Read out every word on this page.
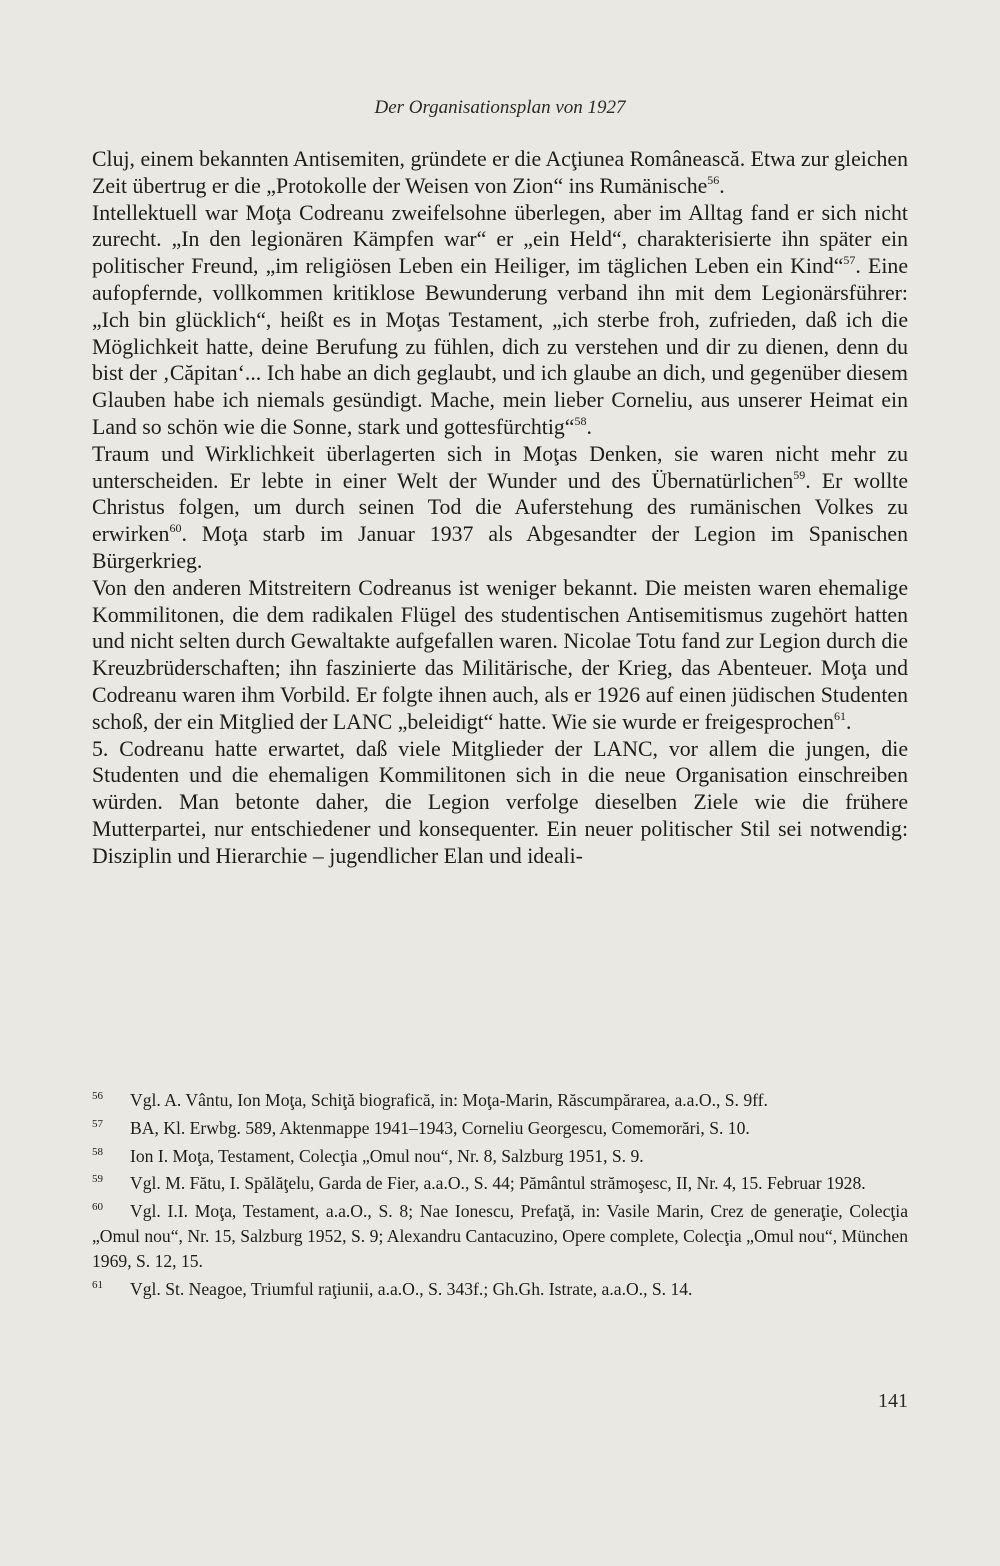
Der Organisationsplan von 1927

Cluj, einem bekannten Antisemiten, gründete er die Acţiunea Românească. Etwa zur gleichen Zeit übertrug er die „Protokolle der Weisen von Zion“ ins Rumänische$^{56}$.

Intellektuell war Moţa Codreanu zweifelsohne überlegen, aber im Alltag fand er sich nicht zurecht. „In den legionären Kämpfen war“ er „ein Held“, charakterisierte ihn später ein politischer Freund, „im religiösen Leben ein Heiliger, im täglichen Leben ein Kind“$^{57}$. Eine aufopfernde, vollkommen kritiklose Bewunderung verband ihn mit dem Legionärsführer: „Ich bin glücklich“, heißt es in Moţas Testament, „ich sterbe froh, zufrieden, daß ich die Möglichkeit hatte, deine Berufung zu fühlen, dich zu verstehen und dir zu dienen, denn du bist der ‚Căpitan‘... Ich habe an dich geglaubt, und ich glaube an dich, und gegenüber diesem Glauben habe ich niemals gesündigt. Mache, mein lieber Corneliu, aus unserer Heimat ein Land so schön wie die Sonne, stark und gottesfürchtig“$^{58}$.

Traum und Wirklichkeit überlagerten sich in Moţas Denken, sie waren nicht mehr zu unterscheiden. Er lebte in einer Welt der Wunder und des Übernatürlichen$^{59}$. Er wollte Christus folgen, um durch seinen Tod die Auferstehung des rumänischen Volkes zu erwirken$^{60}$. Moţa starb im Januar 1937 als Abgesandter der Legion im Spanischen Bürgerkrieg.

Von den anderen Mitstreitern Codreanus ist weniger bekannt. Die meisten waren ehemalige Kommilitonen, die dem radikalen Flügel des studentischen Antisemitismus zugehört hatten und nicht selten durch Gewaltakte aufgefallen waren. Nicolae Totu fand zur Legion durch die Kreuzbrüderschaften; ihn faszinierte das Militärische, der Krieg, das Abenteuer. Moţa und Codreanu waren ihm Vorbild. Er folgte ihnen auch, als er 1926 auf einen jüdischen Studenten schoß, der ein Mitglied der LANC „beleidigt“ hatte. Wie sie wurde er freigesprochen$^{61}$.

5. Codreanu hatte erwartet, daß viele Mitglieder der LANC, vor allem die jungen, die Studenten und die ehemaligen Kommilitonen sich in die neue Organisation einschreiben würden. Man betonte daher, die Legion verfolge dieselben Ziele wie die frühere Mutterpartei, nur entschiedener und konsequenter. Ein neuer politischer Stil sei notwendig: Disziplin und Hierarchie – jugendlicher Elan und ideali-

56 Vgl. A. Vântu, Ion Moţa, Schiţă biografică, in: Moţa-Marin, Răscumpărarea, a.a.O., S. 9ff.

57 BA, Kl. Erwbg. 589, Aktenmappe 1941–1943, Corneliu Georgescu, Comemorări, S. 10.

58 Ion I. Moţa, Testament, Colecţia „Omul nou“, Nr. 8, Salzburg 1951, S. 9.

59 Vgl. M. Fătu, I. Spălăţelu, Garda de Fier, a.a.O., S. 44; Pământul strămoşesc, II, Nr. 4, 15. Februar 1928.

60 Vgl. I.I. Moţa, Testament, a.a.O., S. 8; Nae Ionescu, Prefaţă, in: Vasile Marin, Crez de generaţie, Colecţia „Omul nou“, Nr. 15, Salzburg 1952, S. 9; Alexandru Cantacuzino, Opere complete, Colecţia „Omul nou“, München 1969, S. 12, 15.

61 Vgl. St. Neagoe, Triumful raţiunii, a.a.O., S. 343f.; Gh.Gh. Istrate, a.a.O., S. 14.

141
